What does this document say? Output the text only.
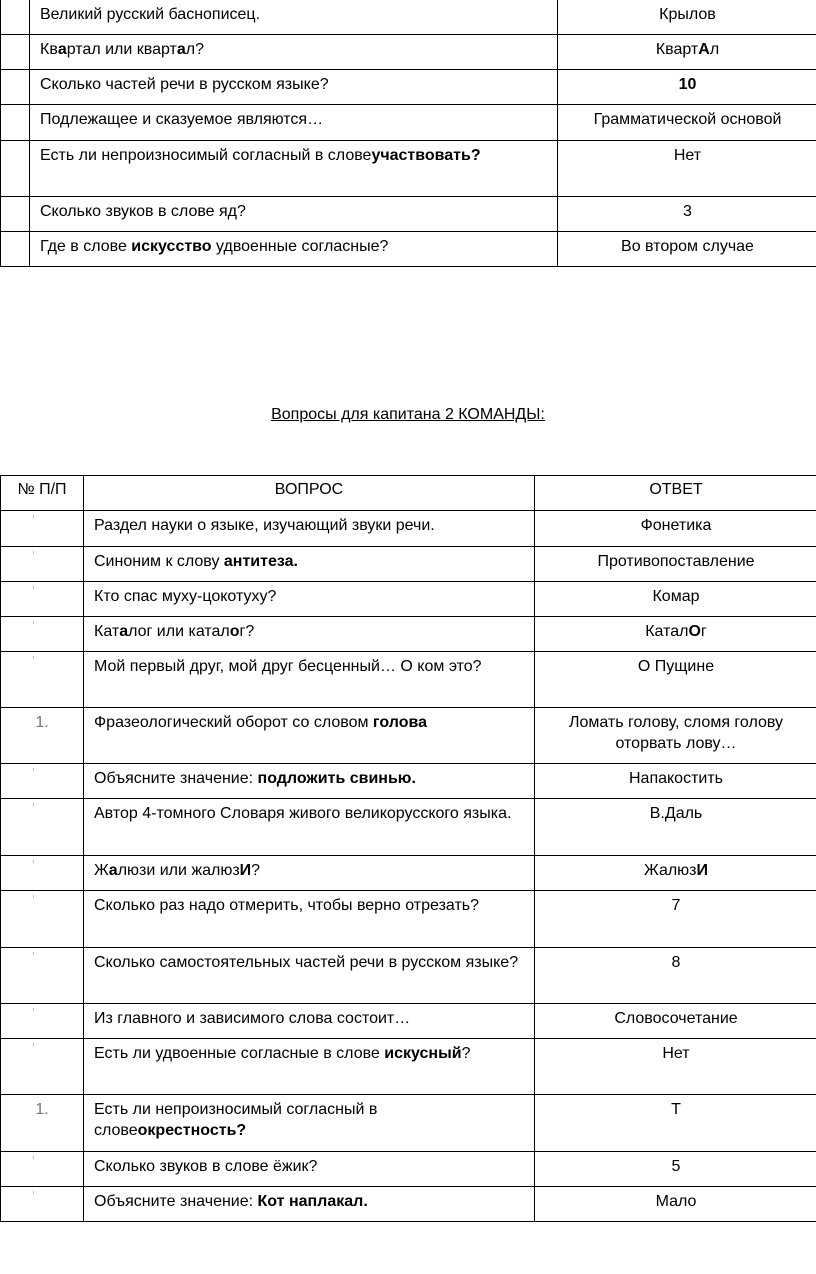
	Великий русский баснописец.	Крылов
	Квартал или квартал?	КвартАл
	Сколько частей речи в русском языке?	10
	Подлежащее и сказуемое являются…	Грамматической основой
	Есть ли непроизносимый согласный в словеучаствовать?	Нет
	Сколько звуков в слове яд?	3
	Где в слове искусство удвоенные согласные?	Во втором случае
Вопросы для капитана 2 КОМАНДЫ:
№ П/П	ВОПРОС	ОТВЕТ

	Раздел науки о языке, изучающий звуки речи.	Фонетика

	Синоним к слову антитеза.	Противопоставление

	Кто спас муху-цокотуху?	Комар

	Каталог или каталог?	КаталОг

	Мой первый друг, мой друг бесценный… О ком это?	О Пущине
1.	Фразеологический оборот со словом голова	Ломать голову, сломя голову оторвать лову…

	Объясните значение: подложить свинью.	Напакостить

	Автор 4-томного Словаря живого великорусского языка.	В.Даль

	Жалюзи или жалюзИ?	ЖалюзИ

	Сколько раз надо отмерить, чтобы верно отрезать?	7

	Сколько самостоятельных частей речи в русском языке?	8

	Из главного и зависимого слова состоит…	Словосочетание

	Есть ли удвоенные согласные в слове искусный?	Нет
1.	Есть ли непроизносимый согласный в словеокрестность?	Т

	Сколько звуков в слове ёжик?	5

	Объясните значение: Кот наплакал.	Мало
